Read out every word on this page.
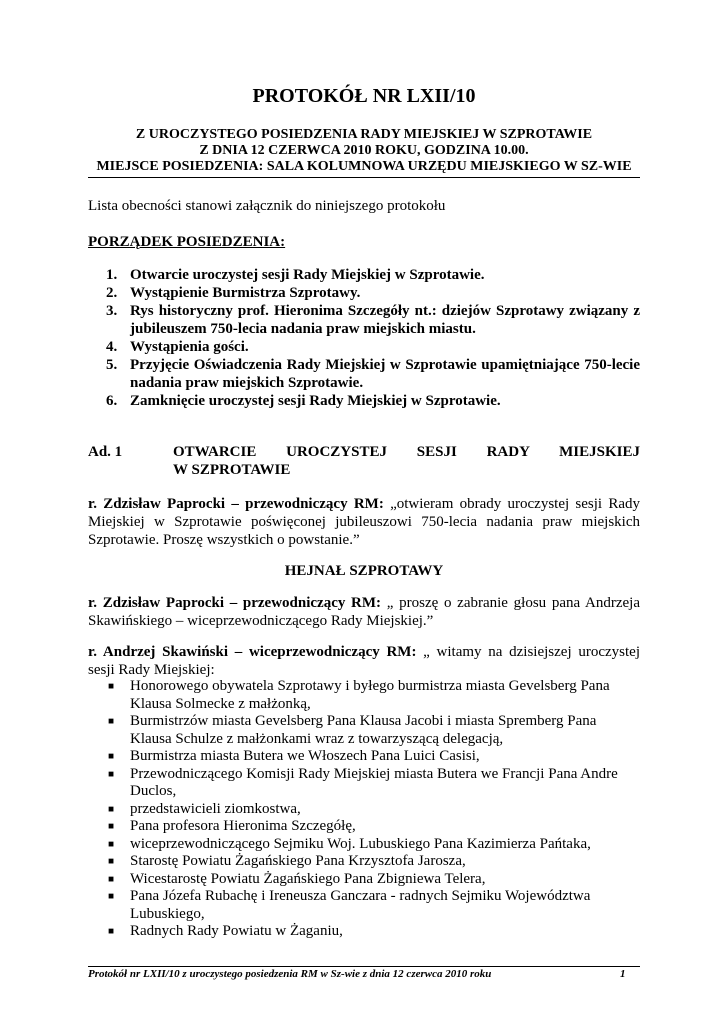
PROTOKÓŁ NR LXII/10
Z UROCZYSTEGO POSIEDZENIA RADY MIEJSKIEJ W SZPROTAWIE
Z DNIA 12 CZERWCA 2010 ROKU, GODZINA 10.00.
MIEJSCE POSIEDZENIA: SALA KOLUMNOWA URZĘDU MIEJSKIEGO W SZ-WIE
Lista obecności stanowi załącznik do niniejszego protokołu
PORZĄDEK POSIEDZENIA:
1. Otwarcie uroczystej sesji Rady Miejskiej w Szprotawie.
2. Wystąpienie Burmistrza Szprotawy.
3. Rys historyczny prof. Hieronima Szczegóły nt.: dziejów Szprotawy związany z jubileuszem 750-lecia nadania praw miejskich miastu.
4. Wystąpienia gości.
5. Przyjęcie Oświadczenia Rady Miejskiej w Szprotawie upamiętniające 750-lecie nadania praw miejskich Szprotawie.
6. Zamknięcie uroczystej sesji Rady Miejskiej w Szprotawie.
Ad. 1	OTWARCIE UROCZYSTEJ SESJI RADY MIEJSKIEJ
W SZPROTAWIE
r. Zdzisław Paprocki – przewodniczący RM: „otwieram obrady uroczystej sesji Rady Miejskiej w Szprotawie poświęconej jubileuszowi 750-lecia nadania praw miejskich Szprotawie. Proszę wszystkich o powstanie.”
HEJNAŁ SZPROTAWY
r. Zdzisław Paprocki – przewodniczący RM: „ proszę o zabranie głosu pana Andrzeja Skawińskiego – wiceprzewodniczącego Rady Miejskiej.”
r. Andrzej Skawiński – wiceprzewodniczący RM: „ witamy na dzisiejszej uroczystej sesji Rady Miejskiej:
■ Honorowego obywatela Szprotawy i byłego burmistrza miasta Gevelsberg Pana Klausa Solmecke z małżonką,
■ Burmistrzów miasta Gevelsberg Pana Klausa Jacobi i miasta Spremberg Pana Klausa Schulze z małżonkami wraz z towarzyszącą delegacją,
■ Burmistrza miasta Butera we Włoszech Pana Luici Casisi,
■ Przewodniczącego Komisji Rady Miejskiej miasta Butera we Francji Pana Andre Duclos,
■ przedstawicieli ziomkostwa,
■ Pana profesora Hieronima Szczegółę,
■ wiceprzewodniczącego Sejmiku Woj. Lubuskiego Pana Kazimierza Pańtaka,
■ Starostę Powiatu Żagańskiego Pana Krzysztofa Jarosza,
■ Wicestarostę Powiatu Żagańskiego Pana Zbigniewa Telera,
■ Pana Józefa Rubachę i Ireneusza Ganczara - radnych Sejmiku Województwa Lubuskiego,
■ Radnych Rady Powiatu w Żaganiu,
Protokół nr LXII/10 z uroczystego posiedzenia RM w Sz-wie z dnia 12 czerwca 2010 roku	1
